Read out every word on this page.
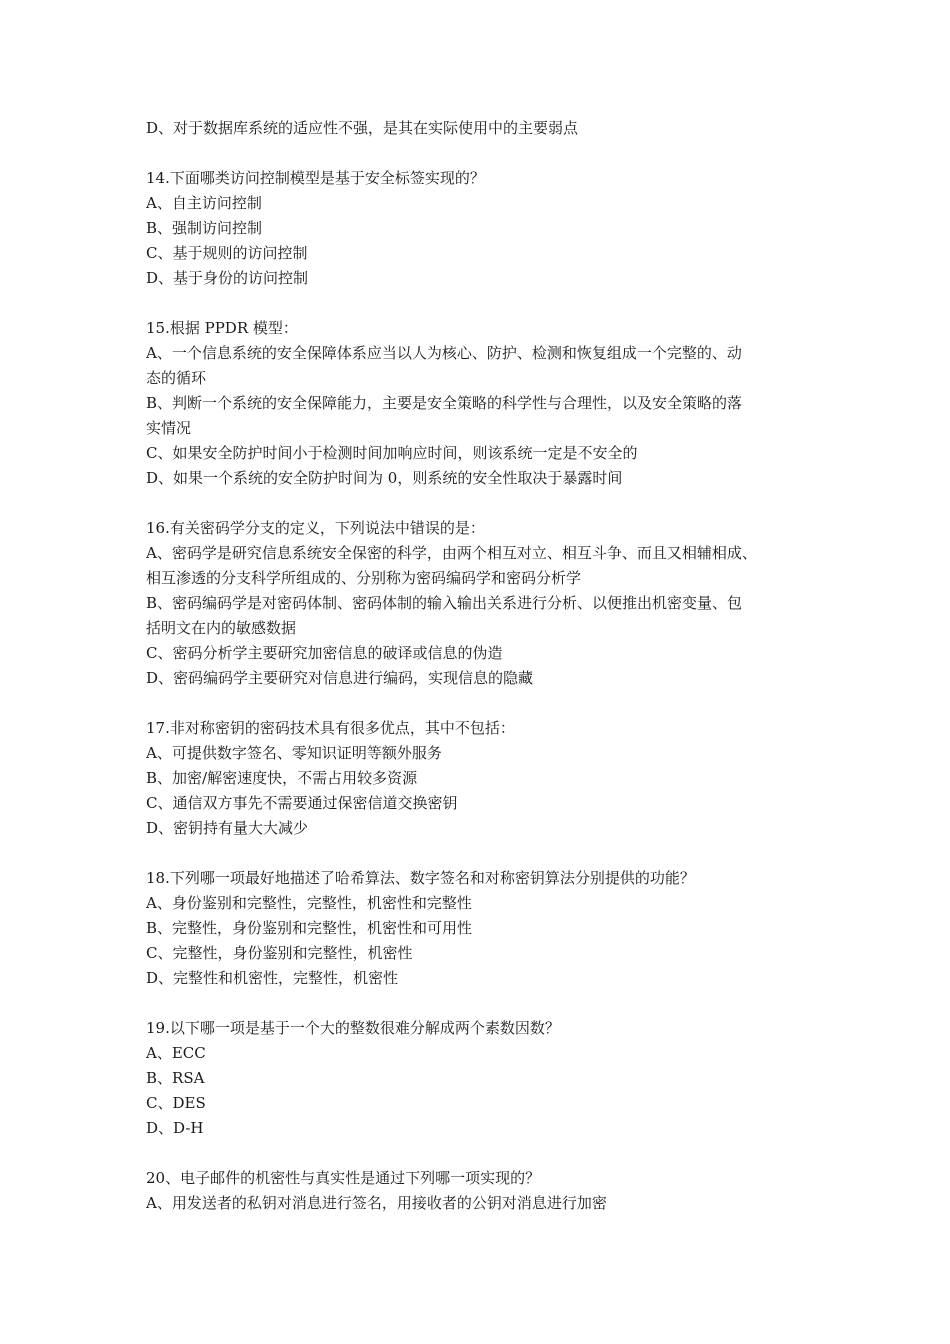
D、对于数据库系统的适应性不强，是其在实际使用中的主要弱点
14.下面哪类访问控制模型是基于安全标签实现的？
A、自主访问控制
B、强制访问控制
C、基于规则的访问控制
D、基于身份的访问控制
15.根据 PPDR 模型：
A、一个信息系统的安全保障体系应当以人为核心、防护、检测和恢复组成一个完整的、动
态的循环
B、判断一个系统的安全保障能力，主要是安全策略的科学性与合理性，以及安全策略的落
实情况
C、如果安全防护时间小于检测时间加响应时间，则该系统一定是不安全的
D、如果一个系统的安全防护时间为 0，则系统的安全性取决于暴露时间
16.有关密码学分支的定义，下列说法中错误的是：
A、密码学是研究信息系统安全保密的科学，由两个相互对立、相互斗争、而且又相辅相成、
相互渗透的分支科学所组成的、分别称为密码编码学和密码分析学
B、密码编码学是对密码体制、密码体制的输入输出关系进行分析、以便推出机密变量、包
括明文在内的敏感数据
C、密码分析学主要研究加密信息的破译或信息的伪造
D、密码编码学主要研究对信息进行编码，实现信息的隐藏
17.非对称密钥的密码技术具有很多优点，其中不包括：
A、可提供数字签名、零知识证明等额外服务
B、加密/解密速度快，不需占用较多资源
C、通信双方事先不需要通过保密信道交换密钥
D、密钥持有量大大减少
18.下列哪一项最好地描述了哈希算法、数字签名和对称密钥算法分别提供的功能？
A、身份鉴别和完整性，完整性，机密性和完整性
B、完整性，身份鉴别和完整性，机密性和可用性
C、完整性，身份鉴别和完整性，机密性
D、完整性和机密性，完整性，机密性
19.以下哪一项是基于一个大的整数很难分解成两个素数因数？
A、ECC
B、RSA
C、DES
D、D-H
20、电子邮件的机密性与真实性是通过下列哪一项实现的？
A、用发送者的私钥对消息进行签名，用接收者的公钥对消息进行加密
